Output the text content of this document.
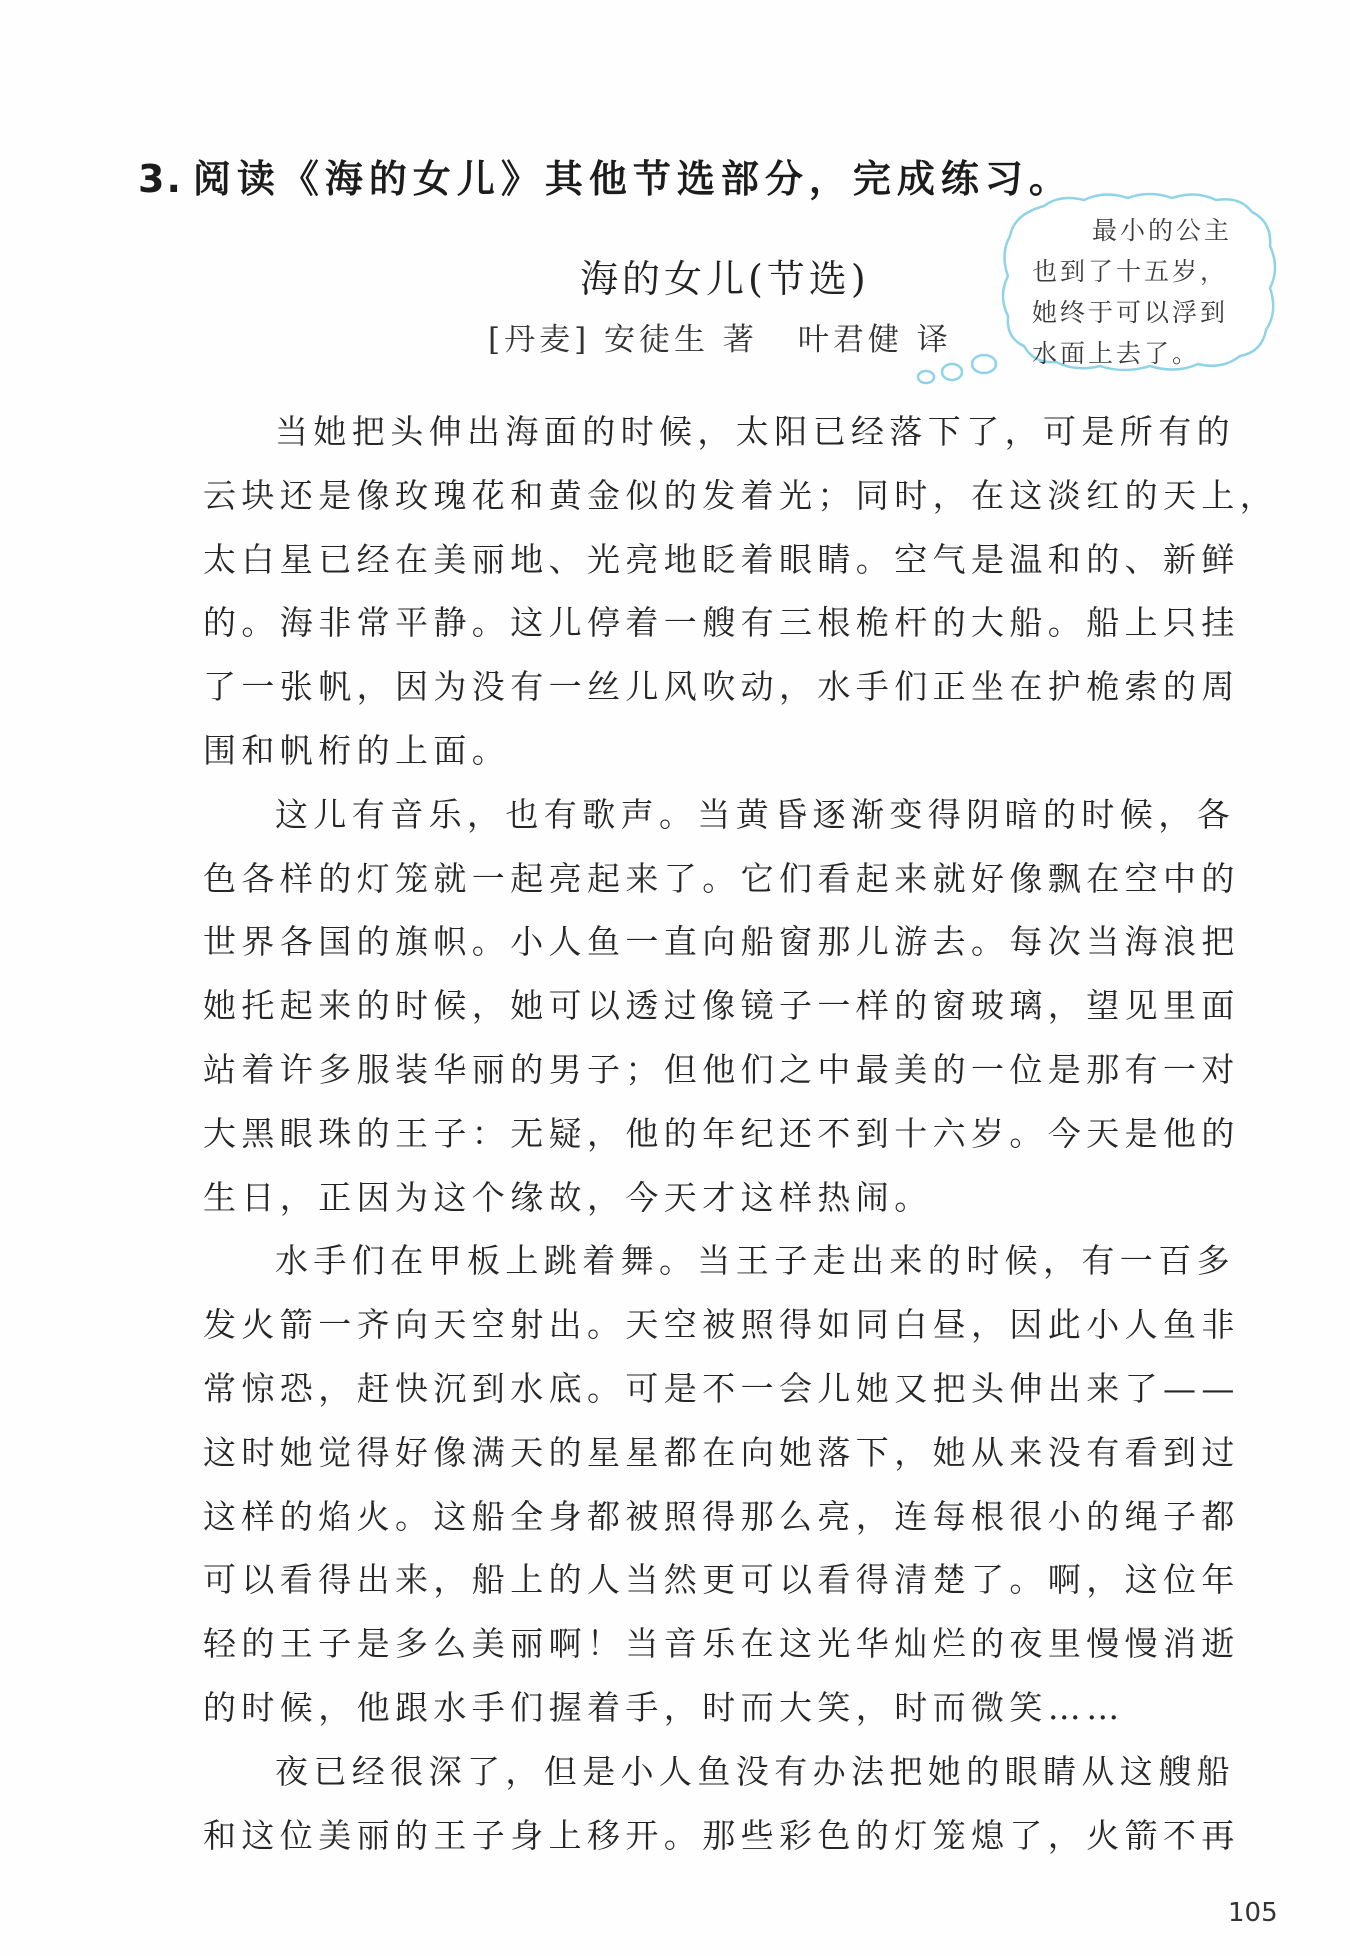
3. 阅读《海的女儿》其他节选部分，完成练习。
海的女儿(节选)
[丹麦] 安徒生 著 叶君健 译
最小的公主
也到了十五岁，
她终于可以浮到
水面上去了。
当她把头伸出海面的时候，太阳已经落下了，可是所有的
云块还是像玫瑰花和黄金似的发着光；同时，在这淡红的天上，
太白星已经在美丽地、光亮地眨着眼睛。空气是温和的、新鲜
的。海非常平静。这儿停着一艘有三根桅杆的大船。船上只挂
了一张帆，因为没有一丝儿风吹动，水手们正坐在护桅索的周
围和帆桁的上面。
这儿有音乐，也有歌声。当黄昏逐渐变得阴暗的时候，各
色各样的灯笼就一起亮起来了。它们看起来就好像飘在空中的
世界各国的旗帜。小人鱼一直向船窗那儿游去。每次当海浪把
她托起来的时候，她可以透过像镜子一样的窗玻璃，望见里面
站着许多服装华丽的男子；但他们之中最美的一位是那有一对
大黑眼珠的王子：无疑，他的年纪还不到十六岁。今天是他的
生日，正因为这个缘故，今天才这样热闹。
水手们在甲板上跳着舞。当王子走出来的时候，有一百多
发火箭一齐向天空射出。天空被照得如同白昼，因此小人鱼非
常惊恐，赶快沉到水底。可是不一会儿她又把头伸出来了——
这时她觉得好像满天的星星都在向她落下，她从来没有看到过
这样的焰火。这船全身都被照得那么亮，连每根很小的绳子都
可以看得出来，船上的人当然更可以看得清楚了。啊，这位年
轻的王子是多么美丽啊！当音乐在这光华灿烂的夜里慢慢消逝
的时候，他跟水手们握着手，时而大笑，时而微笑……
夜已经很深了，但是小人鱼没有办法把她的眼睛从这艘船
和这位美丽的王子身上移开。那些彩色的灯笼熄了，火箭不再
105
